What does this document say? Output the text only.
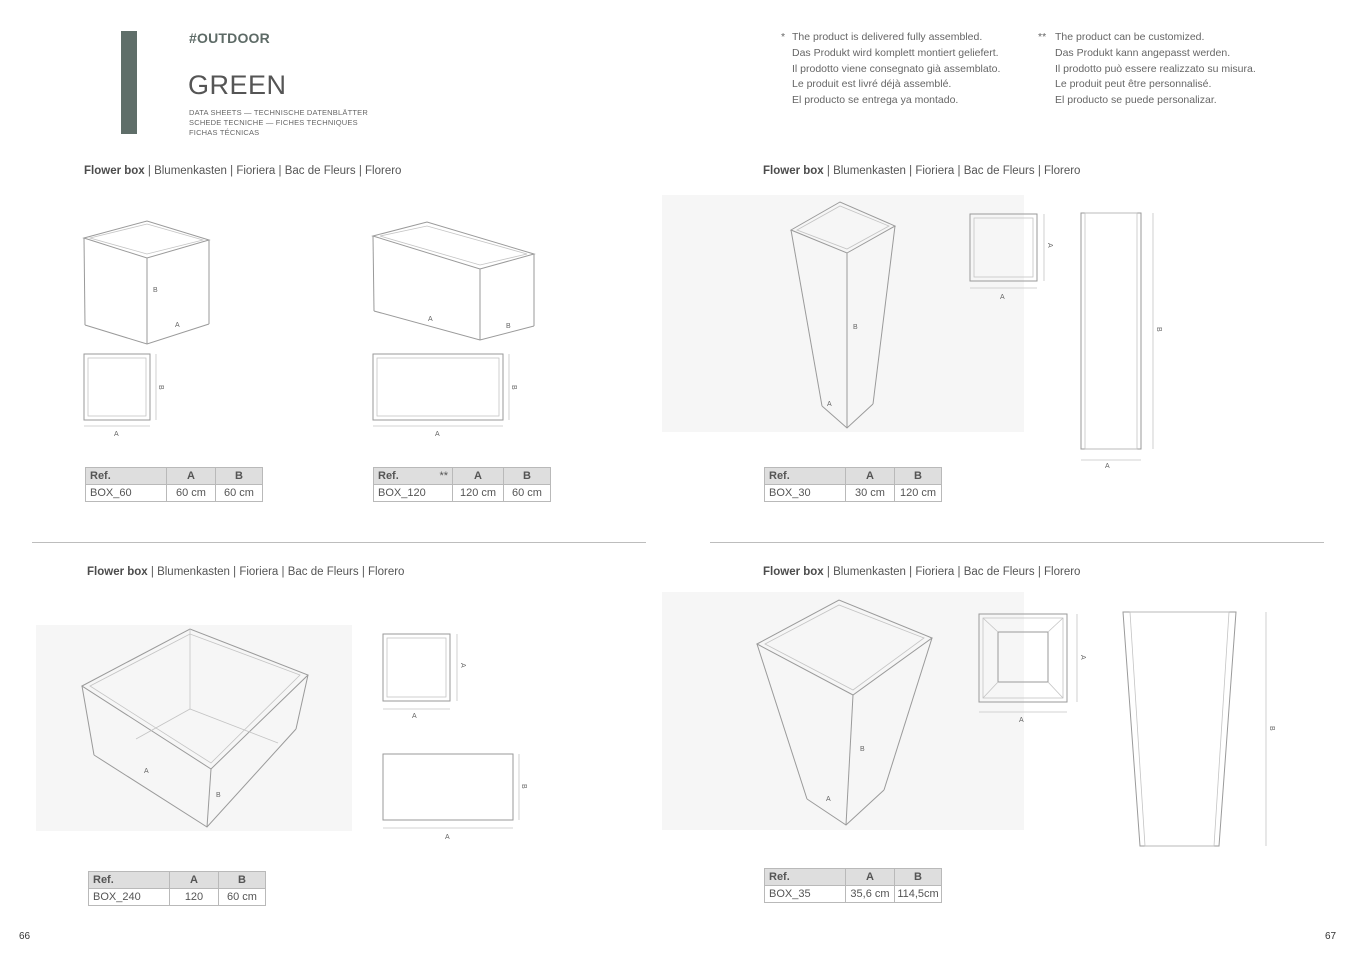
#OUTDOOR
GREEN
DATA SHEETS — TECHNISCHE DATENBLÄTTER
SCHEDE TECNICHE — FICHES TECHNIQUES
FICHAS TÉCNICAS
* The product is delivered fully assembled.
Das Produkt wird komplett montiert geliefert.
Il prodotto viene consegnato già assemblato.
Le produit est livré déjà assemblé.
El producto se entrega ya montado.
** The product can be customized.
Das Produkt kann angepasst werden.
Il prodotto può essere realizzato su misura.
Le produit peut être personnalisé.
El producto se puede personalizar.
Flower box | Blumenkasten | Fioriera | Bac de Fleurs | Florero	Flower box | Blumenkasten | Fioriera | Bac de Fleurs | Florero
Flower box | Blumenkasten | Fioriera | Bac de Fleurs | Florero	Flower box | Blumenkasten | Fioriera | Bac de Fleurs | Florero
B
A
B
A
A
B
B
A
B
A
A
A
B
A
A
B
A
A
B
A
B
A
A
A
B
Ref.	A	B
BOX_60	60 cm	60 cm
Ref. **	A	B
BOX_120	120 cm	60 cm
Ref.	A	B
BOX_30	30 cm	120 cm
Ref.	A	B
BOX_240	120	60 cm
Ref.	A	B
BOX_35	35,6 cm	114,5cm
66	67
